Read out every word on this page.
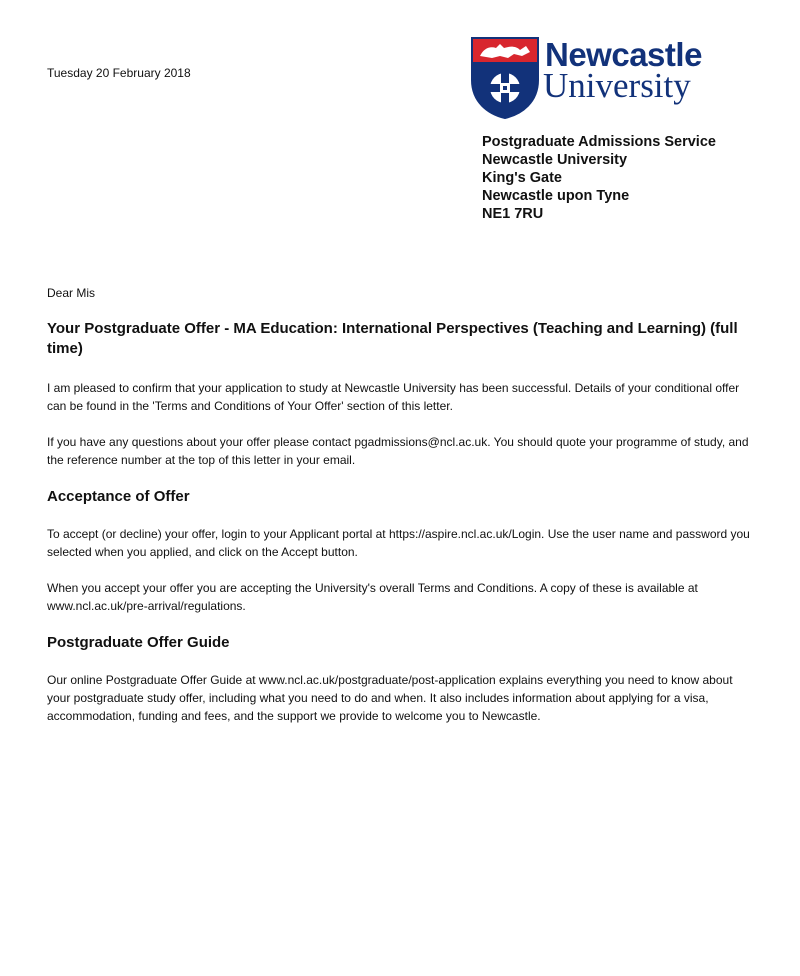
Tuesday 20 February 2018	Newcastle
University
Postgraduate Admissions Service
Newcastle University
King's Gate
Newcastle upon Tyne
NE1 7RU
Dear Mis
Your Postgraduate Offer - MA Education: International Perspectives (Teaching and Learning) (full time)

I am pleased to confirm that your application to study at Newcastle University has been successful. Details of your conditional offer can be found in the 'Terms and Conditions of Your Offer' section of this letter.

If you have any questions about your offer please contact pgadmissions@ncl.ac.uk. You should quote your programme of study, and the reference number at the top of this letter in your email.

Acceptance of Offer

To accept (or decline) your offer, login to your Applicant portal at https://aspire.ncl.ac.uk/Login. Use the user name and password you selected when you applied, and click on the Accept button.

When you accept your offer you are accepting the University's overall Terms and Conditions. A copy of these is available at www.ncl.ac.uk/pre-arrival/regulations.

Postgraduate Offer Guide

Our online Postgraduate Offer Guide at www.ncl.ac.uk/postgraduate/post-application explains everything you need to know about your postgraduate study offer, including what you need to do and when. It also includes information about applying for a visa, accommodation, funding and fees, and the support we provide to welcome you to Newcastle.
